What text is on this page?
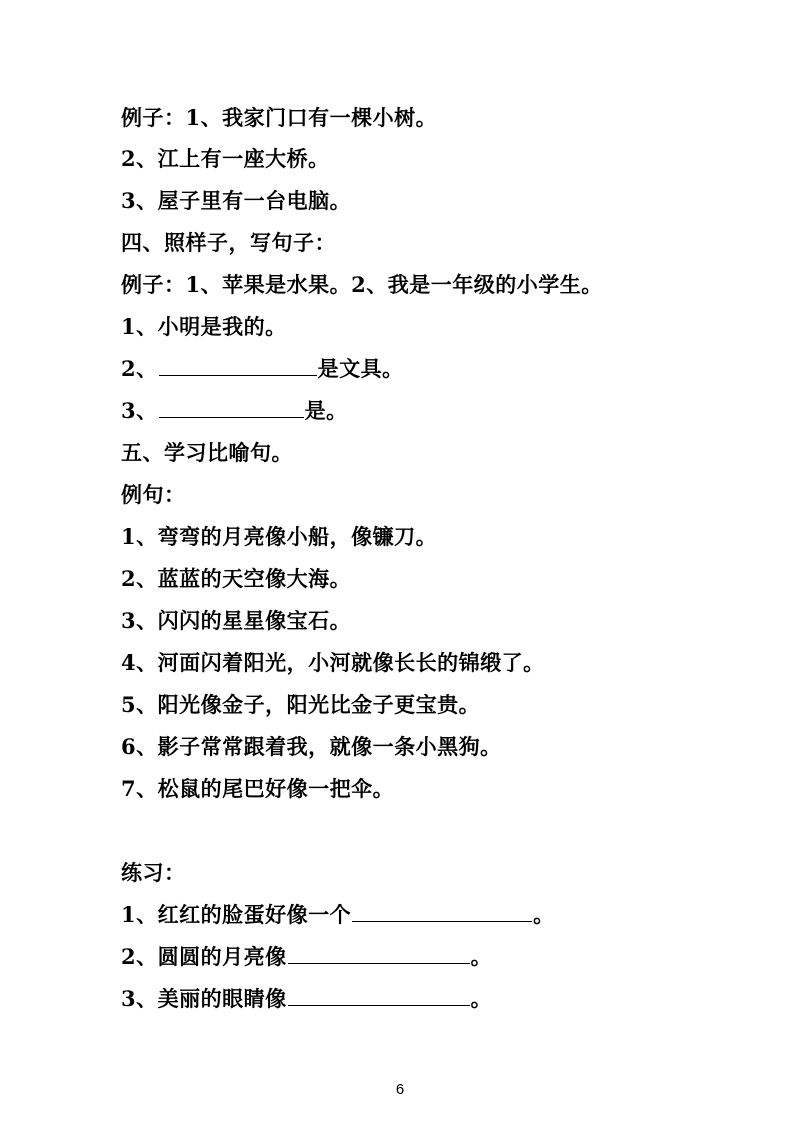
例子：1、我家门口有一棵小树。
2、江上有一座大桥。
3、屋子里有一台电脑。
四、照样子，写句子：
例子：1、苹果是水果。2、我是一年级的小学生。
1、小明是我的。
2、	是文具。
3、	是。
五、学习比喻句。
例句：
1、弯弯的月亮像小船，像镰刀。
2、蓝蓝的天空像大海。
3、闪闪的星星像宝石。
4、河面闪着阳光，小河就像长长的锦缎了。
5、阳光像金子，阳光比金子更宝贵。
6、影子常常跟着我，就像一条小黑狗。
7、松鼠的尾巴好像一把伞。
练习：
1、红红的脸蛋好像一个	。
2、圆圆的月亮像	。
3、美丽的眼睛像	。
6
